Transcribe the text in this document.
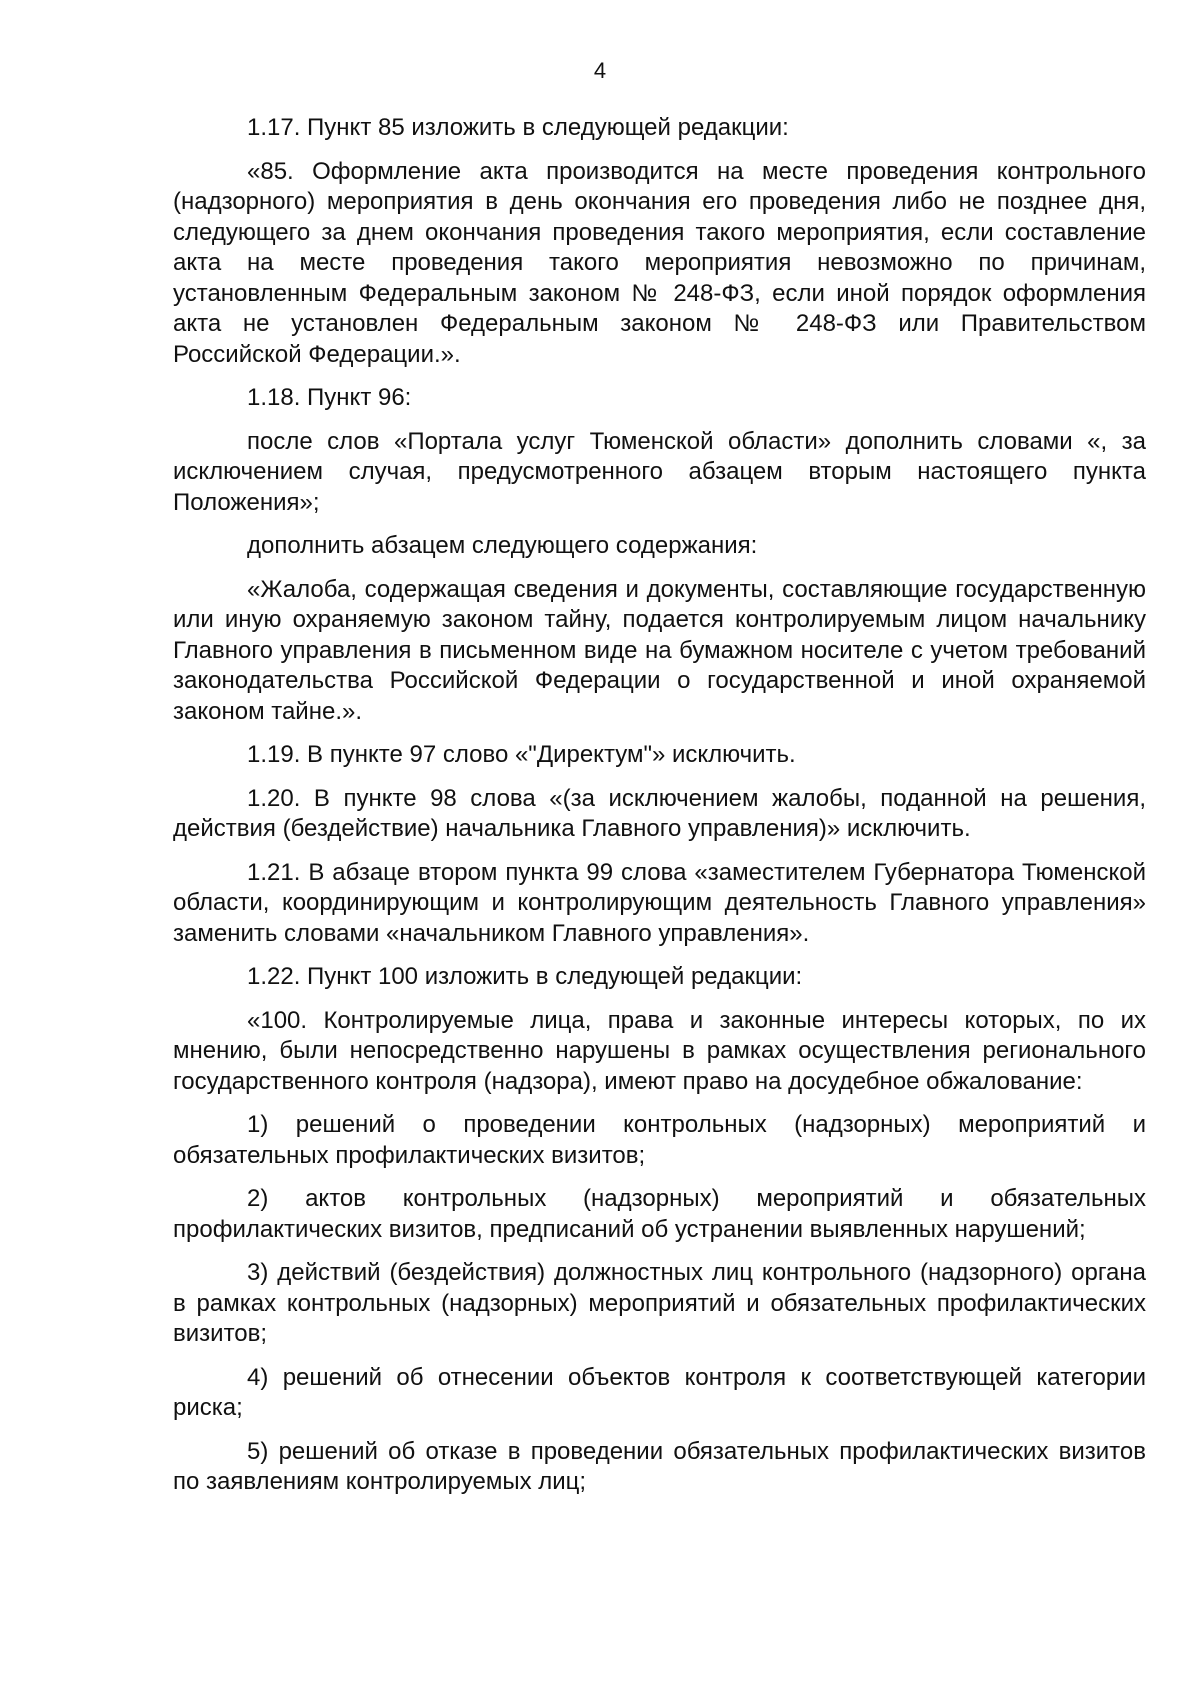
4

1.17. Пункт 85 изложить в следующей редакции:

«85. Оформление акта производится на месте проведения контрольного (надзорного) мероприятия в день окончания его проведения либо не позднее дня, следующего за днем окончания проведения такого мероприятия, если составление акта на месте проведения такого мероприятия невозможно по причинам, установленным Федеральным законом № 248-ФЗ, если иной порядок оформления акта не установлен Федеральным законом № 248-ФЗ или Правительством Российской Федерации.».

1.18. Пункт 96:

после слов «Портала услуг Тюменской области» дополнить словами «, за исключением случая, предусмотренного абзацем вторым настоящего пункта Положения»;

дополнить абзацем следующего содержания:

«Жалоба, содержащая сведения и документы, составляющие государственную или иную охраняемую законом тайну, подается контролируемым лицом начальнику Главного управления в письменном виде на бумажном носителе с учетом требований законодательства Российской Федерации о государственной и иной охраняемой законом тайне.».

1.19. В пункте 97 слово «"Директум"» исключить.

1.20. В пункте 98 слова «(за исключением жалобы, поданной на решения, действия (бездействие) начальника Главного управления)» исключить.

1.21. В абзаце втором пункта 99 слова «заместителем Губернатора Тюменской области, координирующим и контролирующим деятельность Главного управления» заменить словами «начальником Главного управления».

1.22. Пункт 100 изложить в следующей редакции:

«100. Контролируемые лица, права и законные интересы которых, по их мнению, были непосредственно нарушены в рамках осуществления регионального государственного контроля (надзора), имеют право на досудебное обжалование:

1) решений о проведении контрольных (надзорных) мероприятий и обязательных профилактических визитов;

2) актов контрольных (надзорных) мероприятий и обязательных профилактических визитов, предписаний об устранении выявленных нарушений;

3) действий (бездействия) должностных лиц контрольного (надзорного) органа в рамках контрольных (надзорных) мероприятий и обязательных профилактических визитов;

4) решений об отнесении объектов контроля к соответствующей категории риска;

5) решений об отказе в проведении обязательных профилактических визитов по заявлениям контролируемых лиц;
